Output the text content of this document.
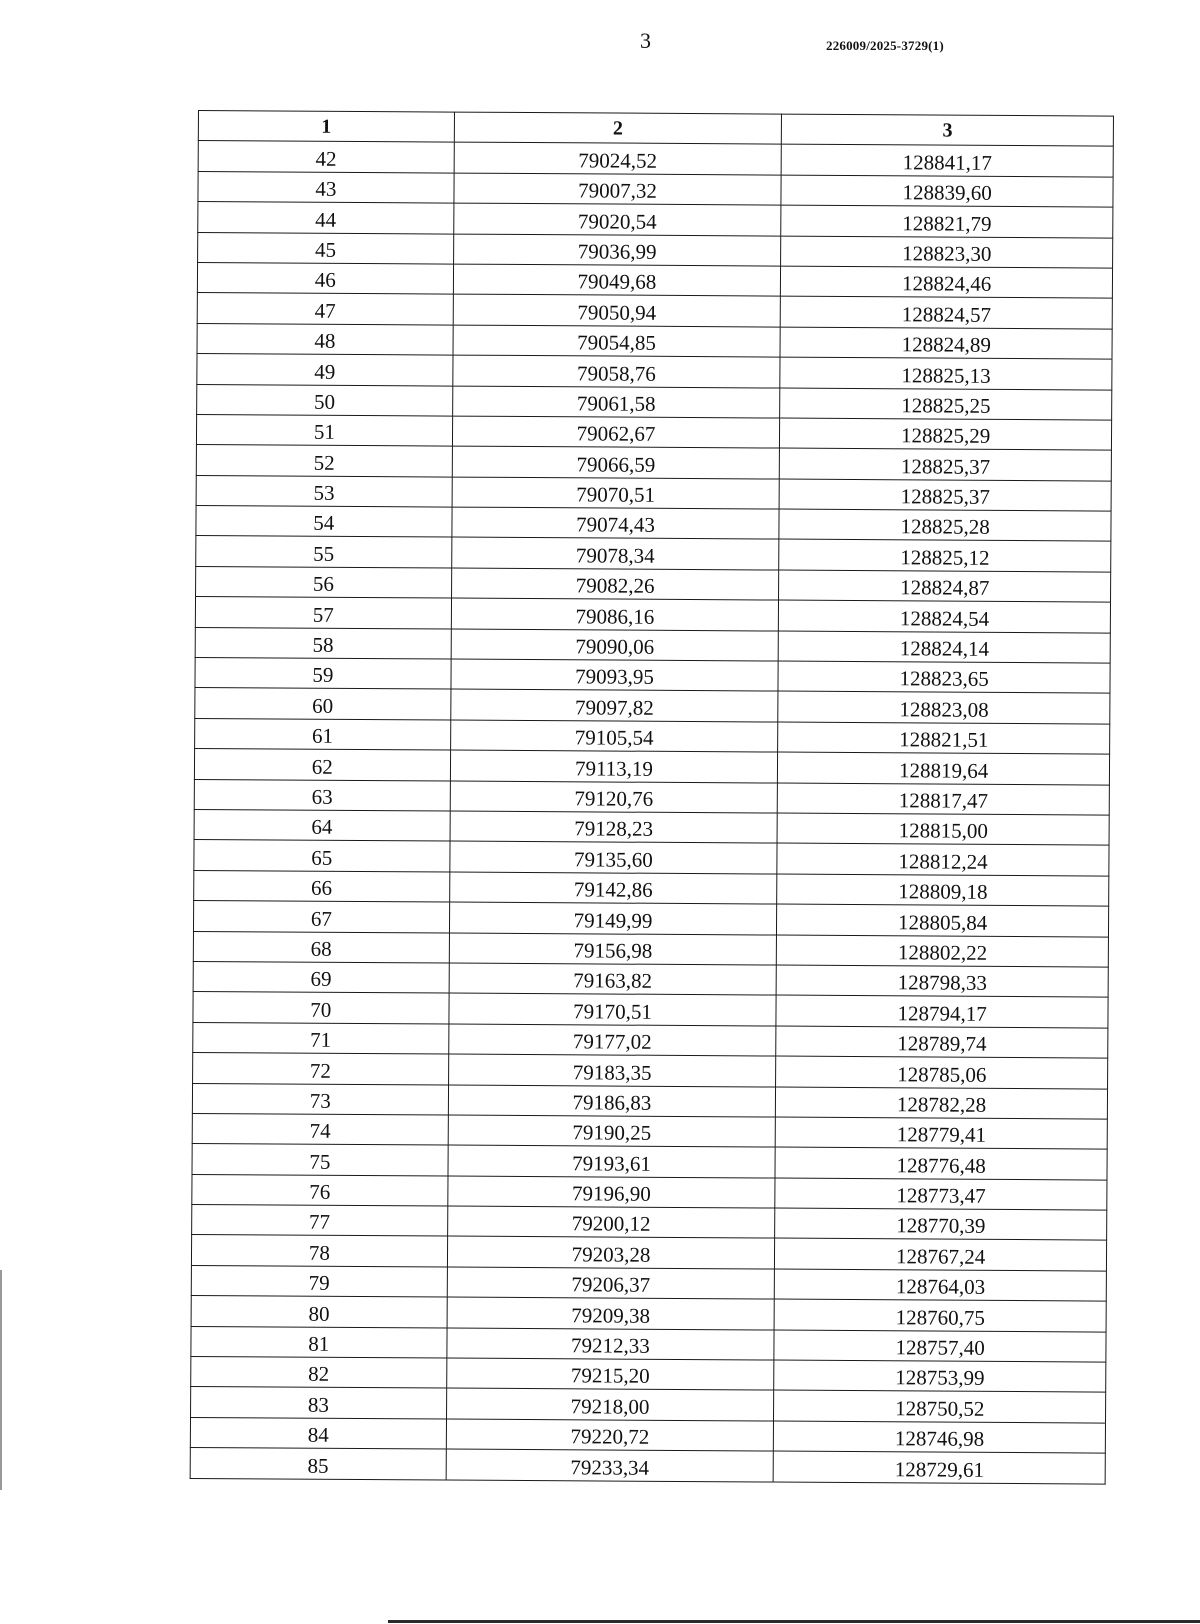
3	226009/2025-3729(1)
1	2	3
42	79024,52	128841,17
43	79007,32	128839,60
44	79020,54	128821,79
45	79036,99	128823,30
46	79049,68	128824,46
47	79050,94	128824,57
48	79054,85	128824,89
49	79058,76	128825,13
50	79061,58	128825,25
51	79062,67	128825,29
52	79066,59	128825,37
53	79070,51	128825,37
54	79074,43	128825,28
55	79078,34	128825,12
56	79082,26	128824,87
57	79086,16	128824,54
58	79090,06	128824,14
59	79093,95	128823,65
60	79097,82	128823,08
61	79105,54	128821,51
62	79113,19	128819,64
63	79120,76	128817,47
64	79128,23	128815,00
65	79135,60	128812,24
66	79142,86	128809,18
67	79149,99	128805,84
68	79156,98	128802,22
69	79163,82	128798,33
70	79170,51	128794,17
71	79177,02	128789,74
72	79183,35	128785,06
73	79186,83	128782,28
74	79190,25	128779,41
75	79193,61	128776,48
76	79196,90	128773,47
77	79200,12	128770,39
78	79203,28	128767,24
79	79206,37	128764,03
80	79209,38	128760,75
81	79212,33	128757,40
82	79215,20	128753,99
83	79218,00	128750,52
84	79220,72	128746,98
85	79233,34	128729,61
